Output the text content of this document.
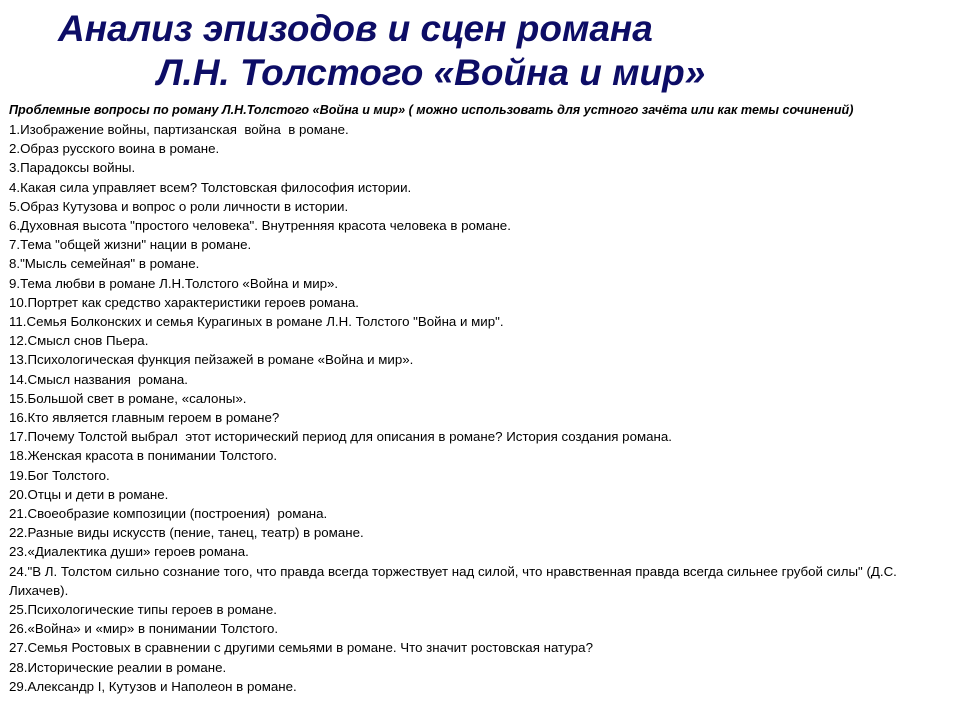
Анализ эпизодов и сцен романа
Л.Н. Толстого «Война и мир»

Проблемные вопросы по роману Л.Н.Толстого «Война и мир» ( можно использовать для устного зачёта или как темы сочинений)

1.Изображение войны, партизанская  война  в романе.
2.Образ русского воина в романе.
3.Парадоксы войны.
4.Какая сила управляет всем? Толстовская философия истории.
5.Образ Кутузова и вопрос о роли личности в истории.
6.Духовная высота "простого человека". Внутренняя красота человека в романе.
7.Тема "общей жизни" нации в романе.
8."Мысль семейная" в романе.
9.Тема любви в романе Л.Н.Толстого «Война и мир».
10.Портрет как средство характеристики героев романа.
11.Семья Болконских и семья Курагиных в романе Л.Н. Толстого "Война и мир".
12.Смысл снов Пьера.
13.Психологическая функция пейзажей в романе «Война и мир».
14.Смысл названия  романа.
15.Большой свет в романе, «салоны».
16.Кто является главным героем в романе?
17.Почему Толстой выбрал  этот исторический период для описания в романе? История создания романа.
18.Женская красота в понимании Толстого.
19.Бог Толстого.
20.Отцы и дети в романе.
21.Своеобразие композиции (построения)  романа.
22.Разные виды искусств (пение, танец, театр) в романе.
23.«Диалектика души» героев романа.
24."В Л. Толстом сильно сознание того, что правда всегда торжествует над силой, что нравственная правда всегда сильнее грубой силы" (Д.С. Лихачев).
25.Психологические типы героев в романе.
26.«Война» и «мир» в понимании Толстого.
27.Семья Ростовых в сравнении с другими семьями в романе. Что значит ростовская натура?
28.Исторические реалии в романе.
29.Александр I, Кутузов и Наполеон в романе.
